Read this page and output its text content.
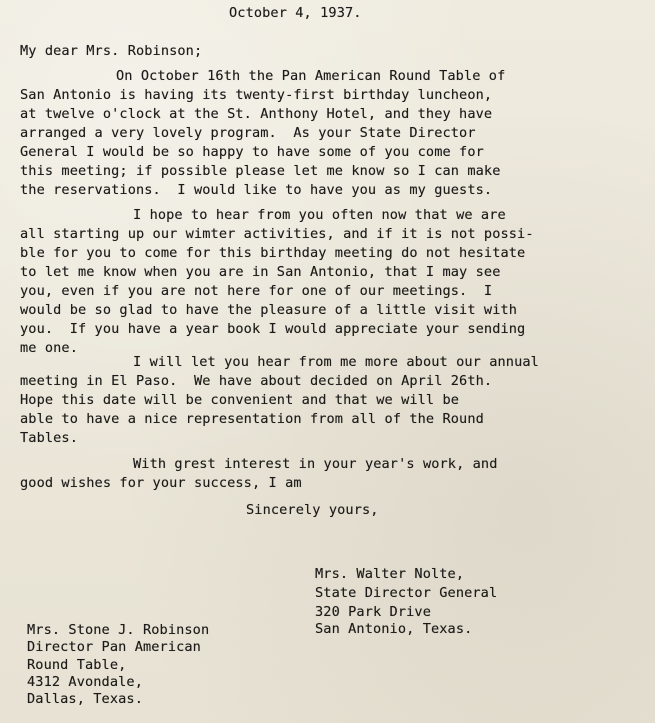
October 4, 1937.
My dear Mrs. Robinson;
On October 16th the Pan American Round Table of
San Antonio is having its twenty-first birthday luncheon,
at twelve o'clock at the St. Anthony Hotel, and they have
arranged a very lovely program.  As your State Director
General I would be so happy to have some of you come for
this meeting; if possible please let me know so I can make
the reservations.  I would like to have you as my guests.
I hope to hear from you often now that we are
all starting up our wimter activities, and if it is not possi-
ble for you to come for this birthday meeting do not hesitate
to let me know when you are in San Antonio, that I may see
you, even if you are not here for one of our meetings.  I
would be so glad to have the pleasure of a little visit with
you.  If you have a year book I would appreciate your sending
me one.
I will let you hear from me more about our annual
meeting in El Paso.  We have about decided on April 26th.
Hope this date will be convenient and that we will be
able to have a nice representation from all of the Round
Tables.
With grest interest in your year's work, and
good wishes for your success, I am
Sincerely yours,
Mrs. Walter Nolte,
State Director General
320 Park Drive
San Antonio, Texas.
Mrs. Stone J. Robinson
Director Pan American
Round Table,
4312 Avondale,
Dallas, Texas.
